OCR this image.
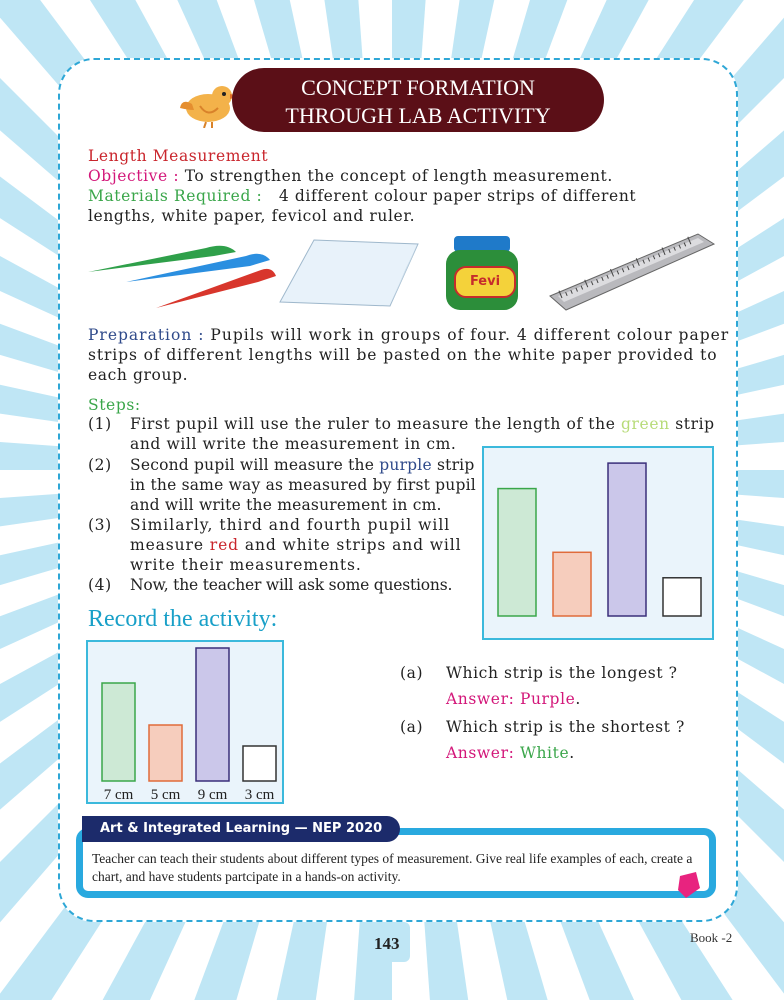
CONCEPT FORMATION
THROUGH LAB ACTIVITY
Length Measurement
Objective : To strengthen the concept of length measurement.
Materials Required : 4 different colour paper strips of different
lengths, white paper, fevicol and ruler.
Fevi
Preparation : Pupils will work in groups of four. 4 different colour paper
strips of different lengths will be pasted on the white paper provided to
each group.
Steps:
(1) First pupil will use the ruler to measure the length of the green strip
and will write the measurement in cm.
(2) Second pupil will measure the purple strip
in the same way as measured by first pupil
and will write the measurement in cm.
(3) Similarly, third and fourth pupil will
measure red and white strips and will
write their measurements.
(4) Now, the teacher will ask some questions.
Record the activity:
7 cm 5 cm 9 cm 3 cm
(a) Which strip is the longest ?
Answer: Purple.
(a) Which strip is the shortest ?
Answer: White.
Art & Integrated Learning — NEP 2020
Teacher can teach their students about different types of measurement. Give real life examples of each, create a chart, and have students partcipate in a hands-on activity.
143	Book -2
